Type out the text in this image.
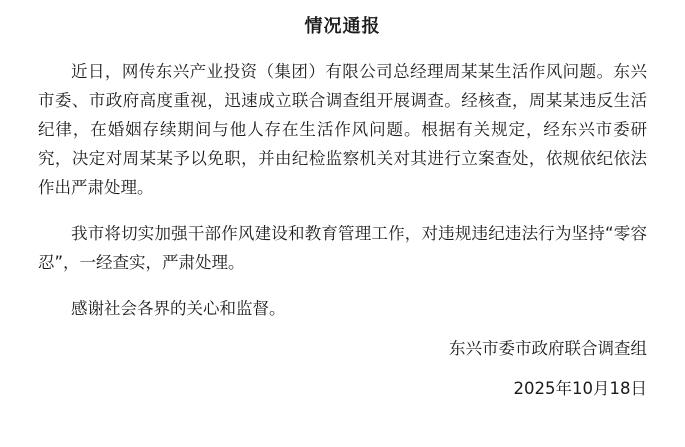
情况通报

近日，网传东兴产业投资（集团）有限公司总经理周某某生活作风问题。东兴市委、市政府高度重视，迅速成立联合调查组开展调查。经核查，周某某违反生活纪律，在婚姻存续期间与他人存在生活作风问题。根据有关规定，经东兴市委研究，决定对周某某予以免职，并由纪检监察机关对其进行立案查处，依规依纪依法作出严肃处理。

我市将切实加强干部作风建设和教育管理工作，对违规违纪违法行为坚持“零容忍”，一经查实，严肃处理。

感谢社会各界的关心和监督。

东兴市委市政府联合调查组

2025年10月18日
